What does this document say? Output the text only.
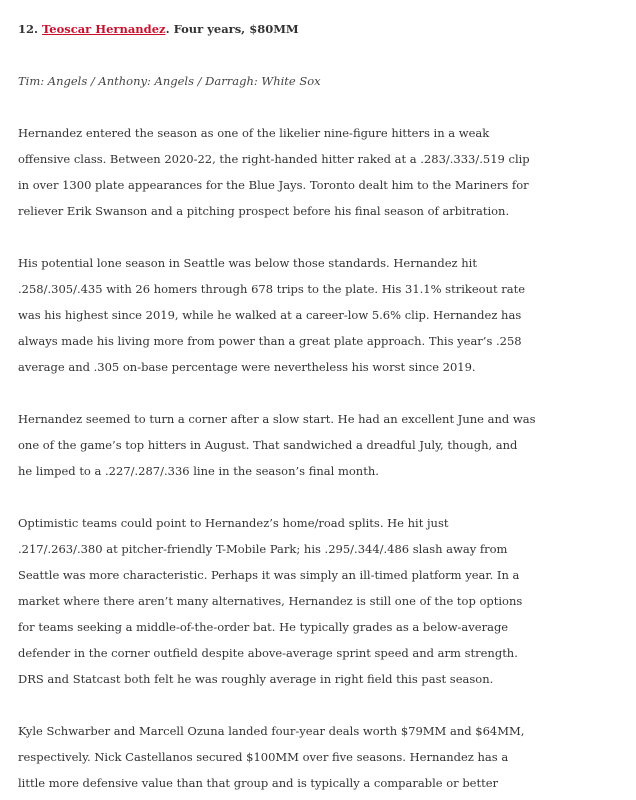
12. Teoscar Hernandez. Four years, $80MM

Tim: Angels / Anthony: Angels / Darragh: White Sox

Hernandez entered the season as one of the likelier nine-figure hitters in a weak
offensive class. Between 2020-22, the right-handed hitter raked at a .283/.333/.519 clip
in over 1300 plate appearances for the Blue Jays. Toronto dealt him to the Mariners for
reliever Erik Swanson and a pitching prospect before his final season of arbitration.

His potential lone season in Seattle was below those standards. Hernandez hit
.258/.305/.435 with 26 homers through 678 trips to the plate. His 31.1% strikeout rate
was his highest since 2019, while he walked at a career-low 5.6% clip. Hernandez has
always made his living more from power than a great plate approach. This year’s .258
average and .305 on-base percentage were nevertheless his worst since 2019.

Hernandez seemed to turn a corner after a slow start. He had an excellent June and was
one of the game’s top hitters in August. That sandwiched a dreadful July, though, and
he limped to a .227/.287/.336 line in the season’s final month.

Optimistic teams could point to Hernandez’s home/road splits. He hit just
.217/.263/.380 at pitcher-friendly T-Mobile Park; his .295/.344/.486 slash away from
Seattle was more characteristic. Perhaps it was simply an ill-timed platform year. In a
market where there aren’t many alternatives, Hernandez is still one of the top options
for teams seeking a middle-of-the-order bat. He typically grades as a below-average
defender in the corner outfield despite above-average sprint speed and arm strength.
DRS and Statcast both felt he was roughly average in right field this past season.

Kyle Schwarber and Marcell Ozuna landed four-year deals worth $79MM and $64MM,
respectively. Nick Castellanos secured $100MM over five seasons. Hernandez has a
little more defensive value than that group and is typically a comparable or better
